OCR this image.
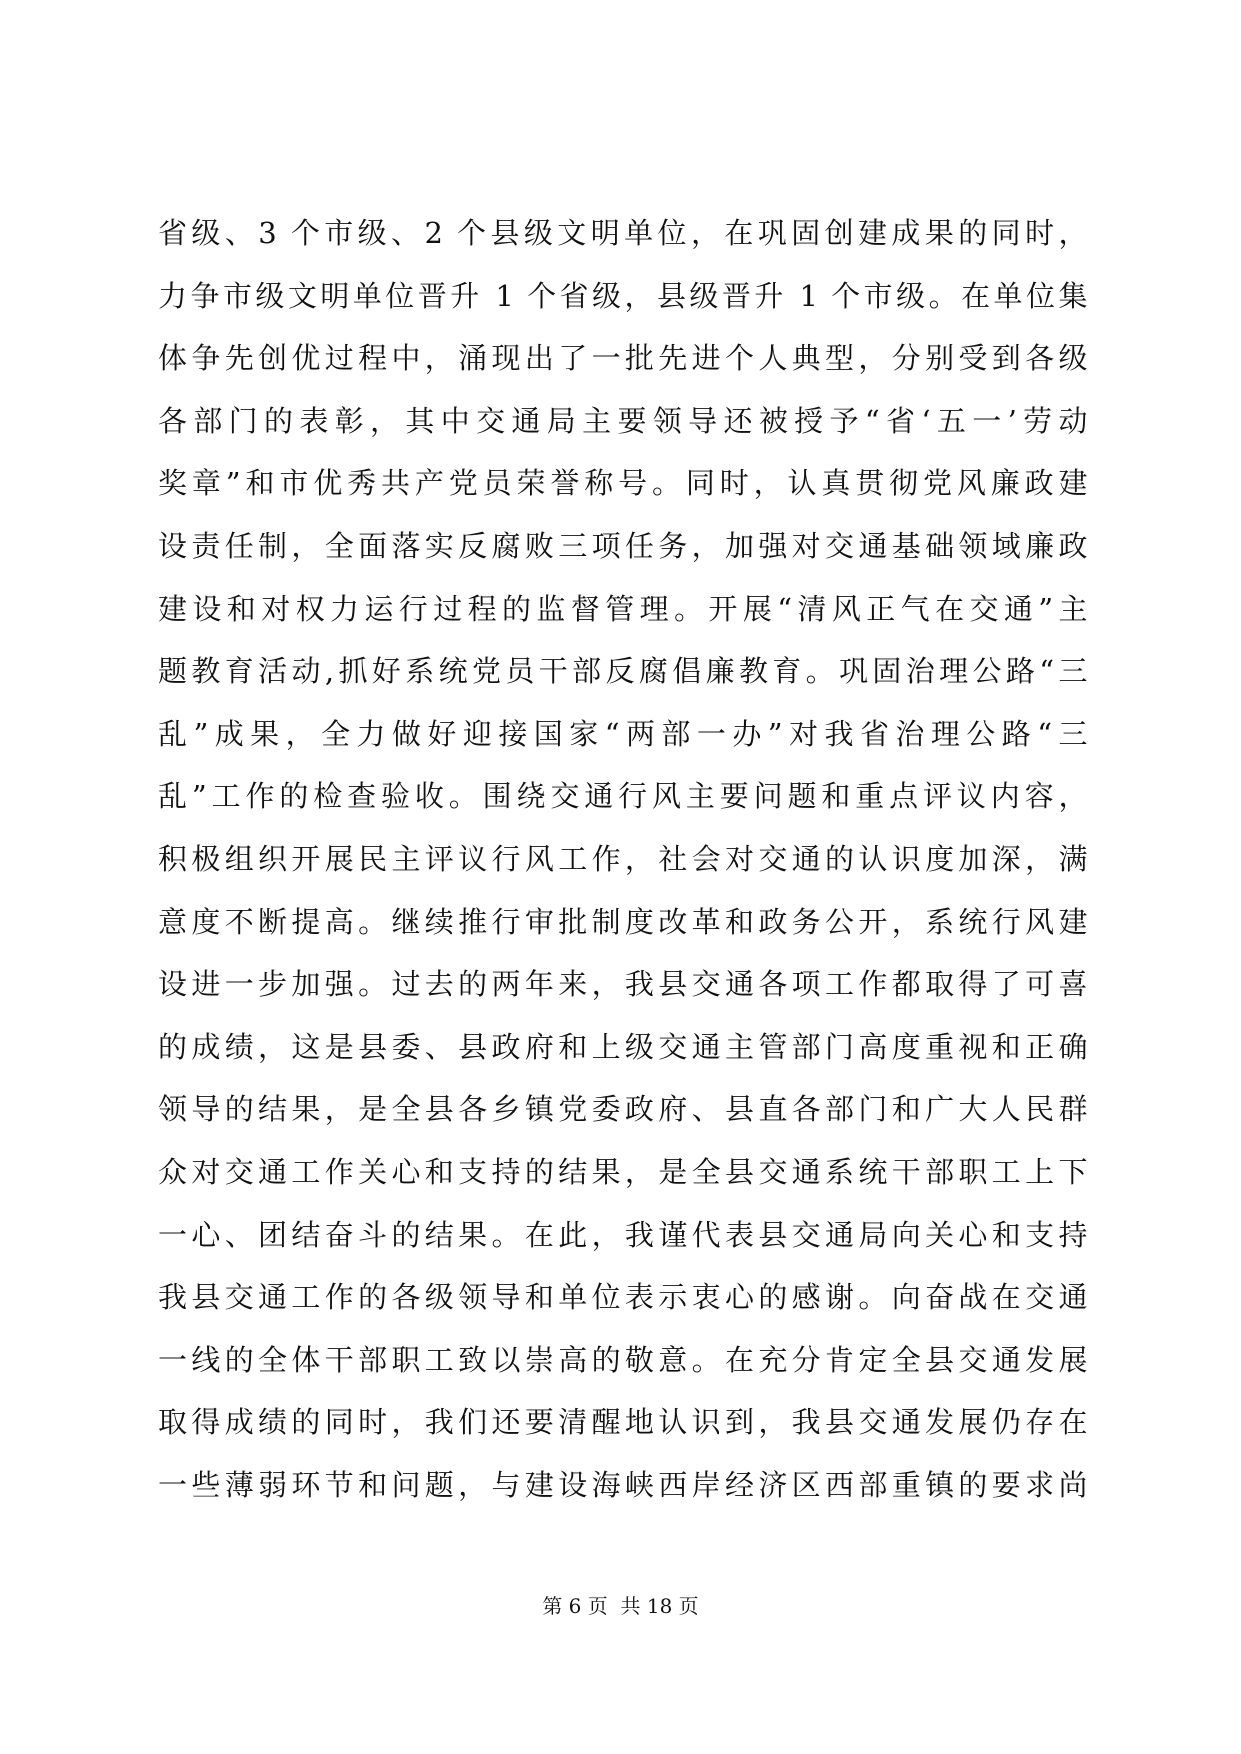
省级、3 个市级、2 个县级文明单位，在巩固创建成果的同时，
力争市级文明单位晋升 1 个省级，县级晋升 1 个市级。在单位集
体争先创优过程中，涌现出了一批先进个人典型，分别受到各级
各部门的表彰，其中交通局主要领导还被授予“省‘五一’劳动
奖章”和市优秀共产党员荣誉称号。同时，认真贯彻党风廉政建
设责任制，全面落实反腐败三项任务，加强对交通基础领域廉政
建设和对权力运行过程的监督管理。开展“清风正气在交通”主
题教育活动,抓好系统党员干部反腐倡廉教育。巩固治理公路“三
乱”成果，全力做好迎接国家“两部一办”对我省治理公路“三
乱”工作的检查验收。围绕交通行风主要问题和重点评议内容，
积极组织开展民主评议行风工作，社会对交通的认识度加深，满
意度不断提高。继续推行审批制度改革和政务公开，系统行风建
设进一步加强。过去的两年来，我县交通各项工作都取得了可喜
的成绩，这是县委、县政府和上级交通主管部门高度重视和正确
领导的结果，是全县各乡镇党委政府、县直各部门和广大人民群
众对交通工作关心和支持的结果，是全县交通系统干部职工上下
一心、团结奋斗的结果。在此，我谨代表县交通局向关心和支持
我县交通工作的各级领导和单位表示衷心的感谢。向奋战在交通
一线的全体干部职工致以崇高的敬意。在充分肯定全县交通发展
取得成绩的同时，我们还要清醒地认识到，我县交通发展仍存在
一些薄弱环节和问题，与建设海峡西岸经济区西部重镇的要求尚
第 6 页  共 18 页
